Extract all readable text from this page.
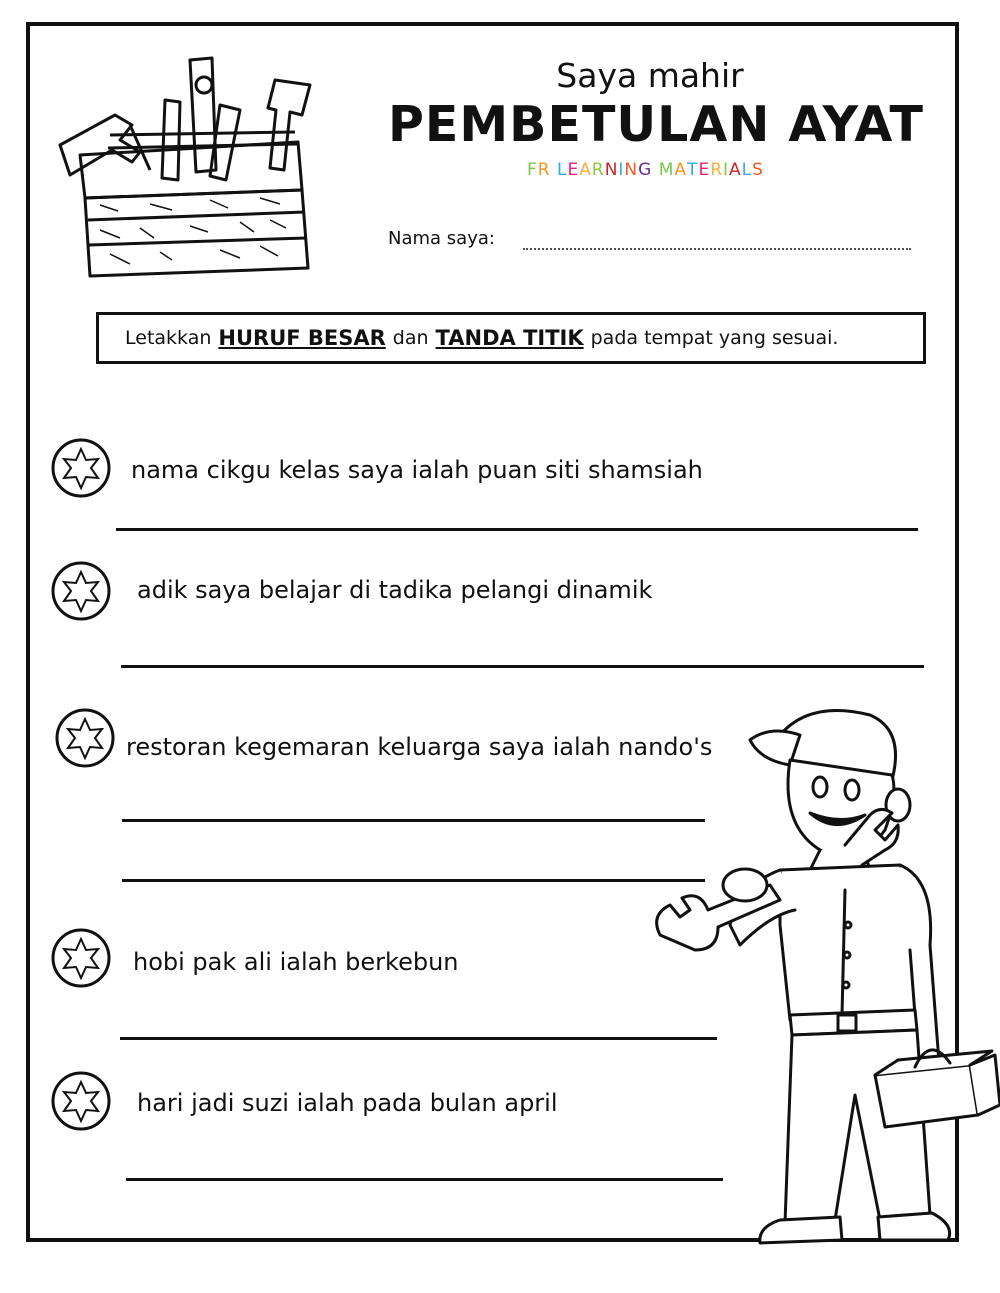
Saya mahir
PEMBETULAN AYAT
FR LEARNING MATERIALS
Nama saya:
Letakkan HURUF BESAR dan TANDA TITIK pada tempat yang sesuai.
nama cikgu kelas saya ialah puan siti shamsiah
adik saya belajar di tadika pelangi dinamik
restoran kegemaran keluarga saya ialah nando's
hobi pak ali ialah berkebun
hari jadi suzi ialah pada bulan april
